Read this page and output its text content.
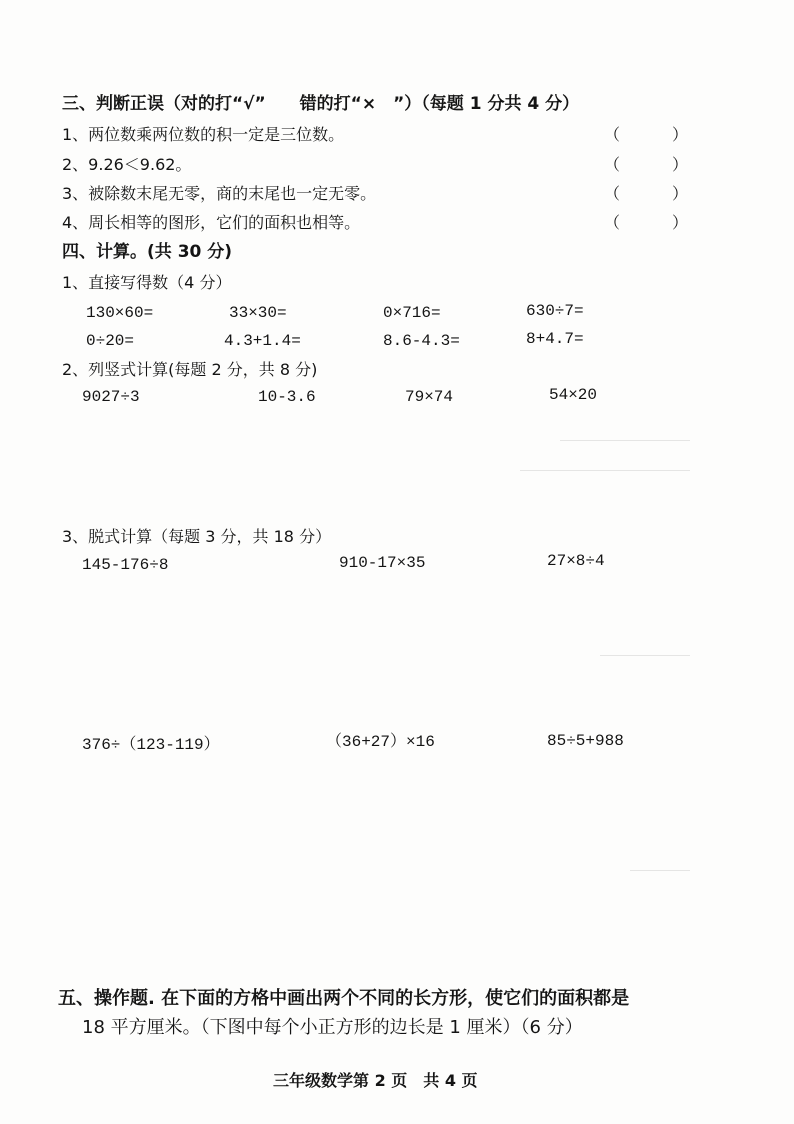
三、判断正误（对的打“√”　　错的打“×　”）（每题 1 分共 4 分）
1、两位数乘两位数的积一定是三位数。	（	）
2、9.26＜9.62。	（	）
3、被除数末尾无零，商的末尾也一定无零。	（	）
4、周长相等的图形，它们的面积也相等。	（	）
四、计算。(共 30 分)
1、直接写得数（4 分）
130×60=	33×30=	0×716=	630÷7=
0÷20=	4.3+1.4=	8.6-4.3=	8+4.7=
2、列竖式计算(每题 2 分，共 8 分)
9027÷3	10-3.6	79×74	54×20
3、脱式计算（每题 3 分，共 18 分）
145-176÷8	910-17×35	27×8÷4
376÷（123-119）	（36+27）×16	85÷5+988
五、操作题. 在下面的方格中画出两个不同的长方形，使它们的面积都是
18 平方厘米。（下图中每个小正方形的边长是 1 厘米）（6 分）
三年级数学第 2 页　共 4 页
